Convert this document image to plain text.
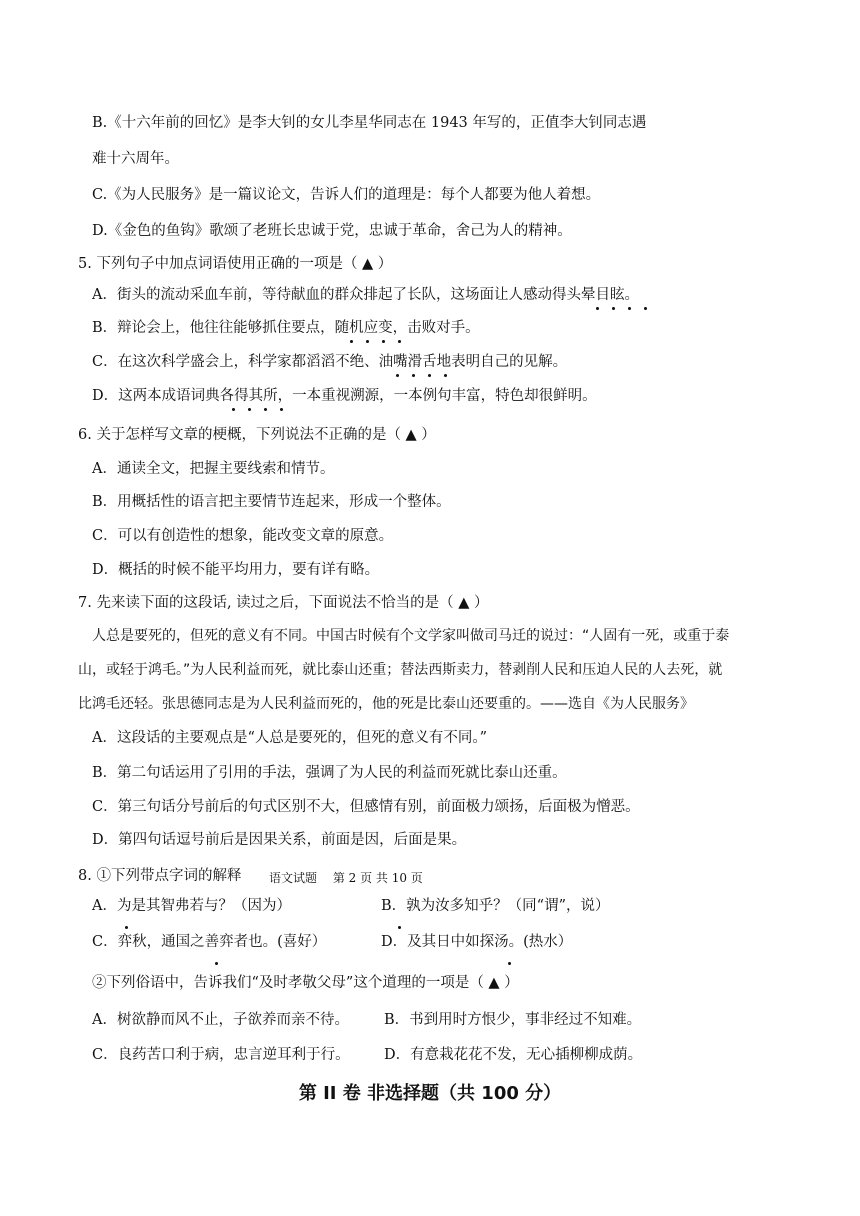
B.《十六年前的回忆》是李大钊的女儿李星华同志在 1943 年写的，正值李大钊同志遇
难十六周年。
C.《为人民服务》是一篇议论文，告诉人们的道理是：每个人都要为他人着想。
D.《金色的鱼钩》歌颂了老班长忠诚于党，忠诚于革命，舍己为人的精神。
5. 下列句子中加点词语使用正确的一项是（ ▲ ）
A．街头的流动采血车前，等待献血的群众排起了长队，这场面让人感动得头晕目眩。
B．辩论会上，他往往能够抓住要点，随机应变，击败对手。
C．在这次科学盛会上，科学家都滔滔不绝、油嘴滑舌地表明自己的见解。
D．这两本成语词典各得其所，一本重视溯源，一本例句丰富，特色却很鲜明。
6. 关于怎样写文章的梗概，下列说法不正确的是（ ▲ ）
A．通读全文，把握主要线索和情节。
B．用概括性的语言把主要情节连起来，形成一个整体。
C．可以有创造性的想象，能改变文章的原意。
D．概括的时候不能平均用力，要有详有略。
7. 先来读下面的这段话, 读过之后，下面说法不恰当的是（ ▲ ）
人总是要死的，但死的意义有不同。中国古时候有个文学家叫做司马迁的说过：“人固有一死，或重于泰
山，或轻于鸿毛。”为人民利益而死，就比泰山还重；替法西斯卖力，替剥削人民和压迫人民的人去死，就
比鸿毛还轻。张思德同志是为人民利益而死的，他的死是比泰山还要重的。——选自《为人民服务》
A．这段话的主要观点是“人总是要死的，但死的意义有不同。”
B．第二句话运用了引用的手法，强调了为人民的利益而死就比泰山还重。
C．第三句话分号前后的句式区别不大，但感情有别，前面极力颂扬，后面极为憎恶。
D．第四句话逗号前后是因果关系，前面是因，后面是果。
8. ①下列带点字词的解释 语文试题　 第 2 页 共 10 页
A．为是其智弗若与？（因为）	B．孰为汝多知乎？（同“谓”，说）
C．弈秋，通国之善弈者也。(喜好）	D．及其日中如探汤。(热水）
②下列俗语中，告诉我们“及时孝敬父母”这个道理的一项是（ ▲ ）
A．树欲静而风不止，子欲养而亲不待。 B．书到用时方恨少，事非经过不知难。
C．良药苦口利于病，忠言逆耳利于行。 D．有意栽花花不发，无心插柳柳成荫。
第 II 卷 非选择题（共 100 分）
